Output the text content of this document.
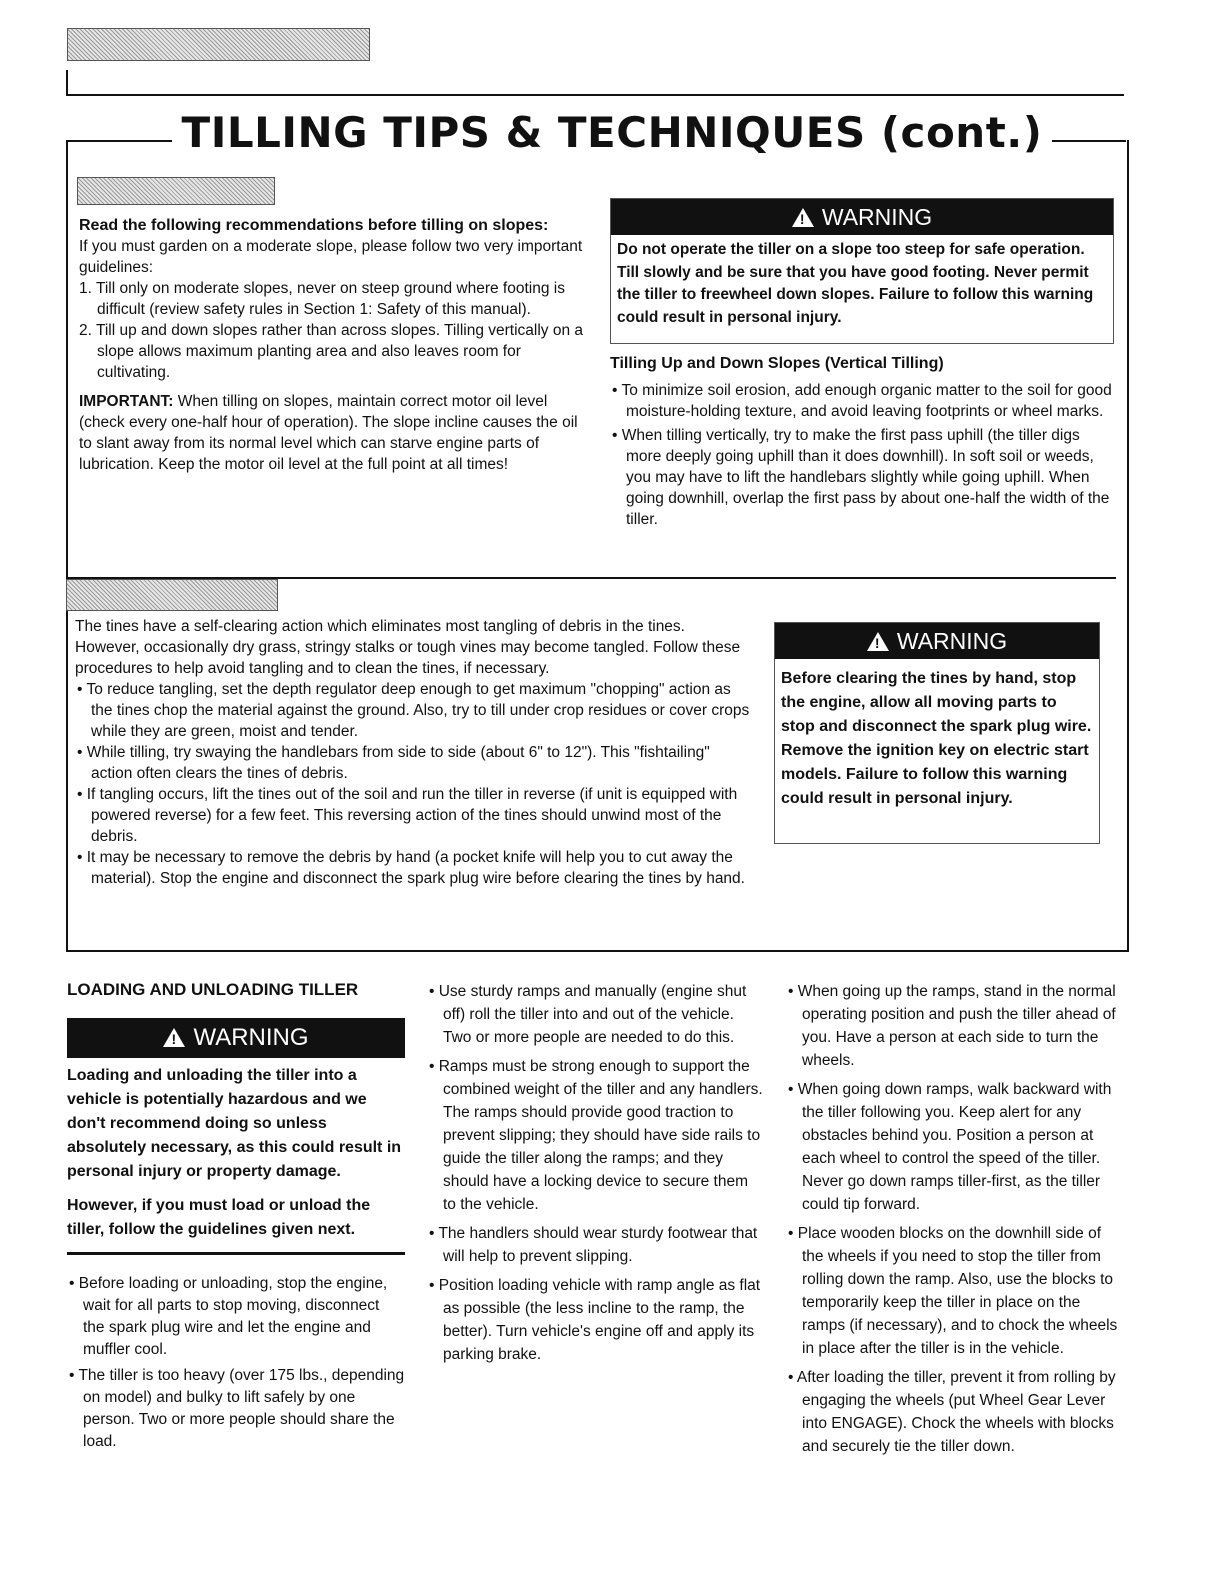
TILLING TIPS & TECHNIQUES (cont.)

Read the following recommendations before tilling on slopes:

If you must garden on a moderate slope, please follow two very important guidelines:

1. Till only on moderate slopes, never on steep ground where footing is difficult (review safety rules in Section 1: Safety of this manual).

2. Till up and down slopes rather than across slopes. Tilling vertically on a slope allows maximum planting area and also leaves room for cultivating.

IMPORTANT: When tilling on slopes, maintain correct motor oil level (check every one-half hour of operation). The slope incline causes the oil to slant away from its normal level which can starve engine parts of lubrication. Keep the motor oil level at the full point at all times!

!WARNING
Do not operate the tiller on a slope too steep for safe operation. Till slowly and be sure that you have good footing. Never permit the tiller to freewheel down slopes. Failure to follow this warning could result in personal injury.

Tilling Up and Down Slopes (Vertical Tilling)

• To minimize soil erosion, add enough organic matter to the soil for good moisture-holding texture, and avoid leaving footprints or wheel marks.

• When tilling vertically, try to make the first pass uphill (the tiller digs more deeply going uphill than it does downhill). In soft soil or weeds, you may have to lift the handlebars slightly while going uphill. When going downhill, overlap the first pass by about one-half the width of the tiller.

The tines have a self-clearing action which eliminates most tangling of debris in the tines. However, occasionally dry grass, stringy stalks or tough vines may become tangled. Follow these procedures to help avoid tangling and to clean the tines, if necessary.

• To reduce tangling, set the depth regulator deep enough to get maximum "chopping" action as the tines chop the material against the ground. Also, try to till under crop residues or cover crops while they are green, moist and tender.

• While tilling, try swaying the handlebars from side to side (about 6" to 12"). This "fishtailing" action often clears the tines of debris.

• If tangling occurs, lift the tines out of the soil and run the tiller in reverse (if unit is equipped with powered reverse) for a few feet. This reversing action of the tines should unwind most of the debris.

• It may be necessary to remove the debris by hand (a pocket knife will help you to cut away the material). Stop the engine and disconnect the spark plug wire before clearing the tines by hand.

!WARNING
Before clearing the tines by hand, stop the engine, allow all moving parts to stop and disconnect the spark plug wire. Remove the ignition key on electric start models. Failure to follow this warning could result in personal injury.

LOADING AND UNLOADING TILLER

!WARNING
Loading and unloading the tiller into a vehicle is potentially hazardous and we don't recommend doing so unless absolutely necessary, as this could result in personal injury or property damage.
However, if you must load or unload the tiller, follow the guidelines given next.

• Before loading or unloading, stop the engine, wait for all parts to stop moving, disconnect the spark plug wire and let the engine and muffler cool.

• The tiller is too heavy (over 175 lbs., depending on model) and bulky to lift safely by one person. Two or more people should share the load.

• Use sturdy ramps and manually (engine shut off) roll the tiller into and out of the vehicle. Two or more people are needed to do this.

• Ramps must be strong enough to support the combined weight of the tiller and any handlers. The ramps should provide good traction to prevent slipping; they should have side rails to guide the tiller along the ramps; and they should have a locking device to secure them to the vehicle.

• The handlers should wear sturdy footwear that will help to prevent slipping.

• Position loading vehicle with ramp angle as flat as possible (the less incline to the ramp, the better). Turn vehicle's engine off and apply its parking brake.

• When going up the ramps, stand in the normal operating position and push the tiller ahead of you. Have a person at each side to turn the wheels.

• When going down ramps, walk backward with the tiller following you. Keep alert for any obstacles behind you. Position a person at each wheel to control the speed of the tiller. Never go down ramps tiller-first, as the tiller could tip forward.

• Place wooden blocks on the downhill side of the wheels if you need to stop the tiller from rolling down the ramp. Also, use the blocks to temporarily keep the tiller in place on the ramps (if necessary), and to chock the wheels in place after the tiller is in the vehicle.

• After loading the tiller, prevent it from rolling by engaging the wheels (put Wheel Gear Lever into ENGAGE). Chock the wheels with blocks and securely tie the tiller down.
